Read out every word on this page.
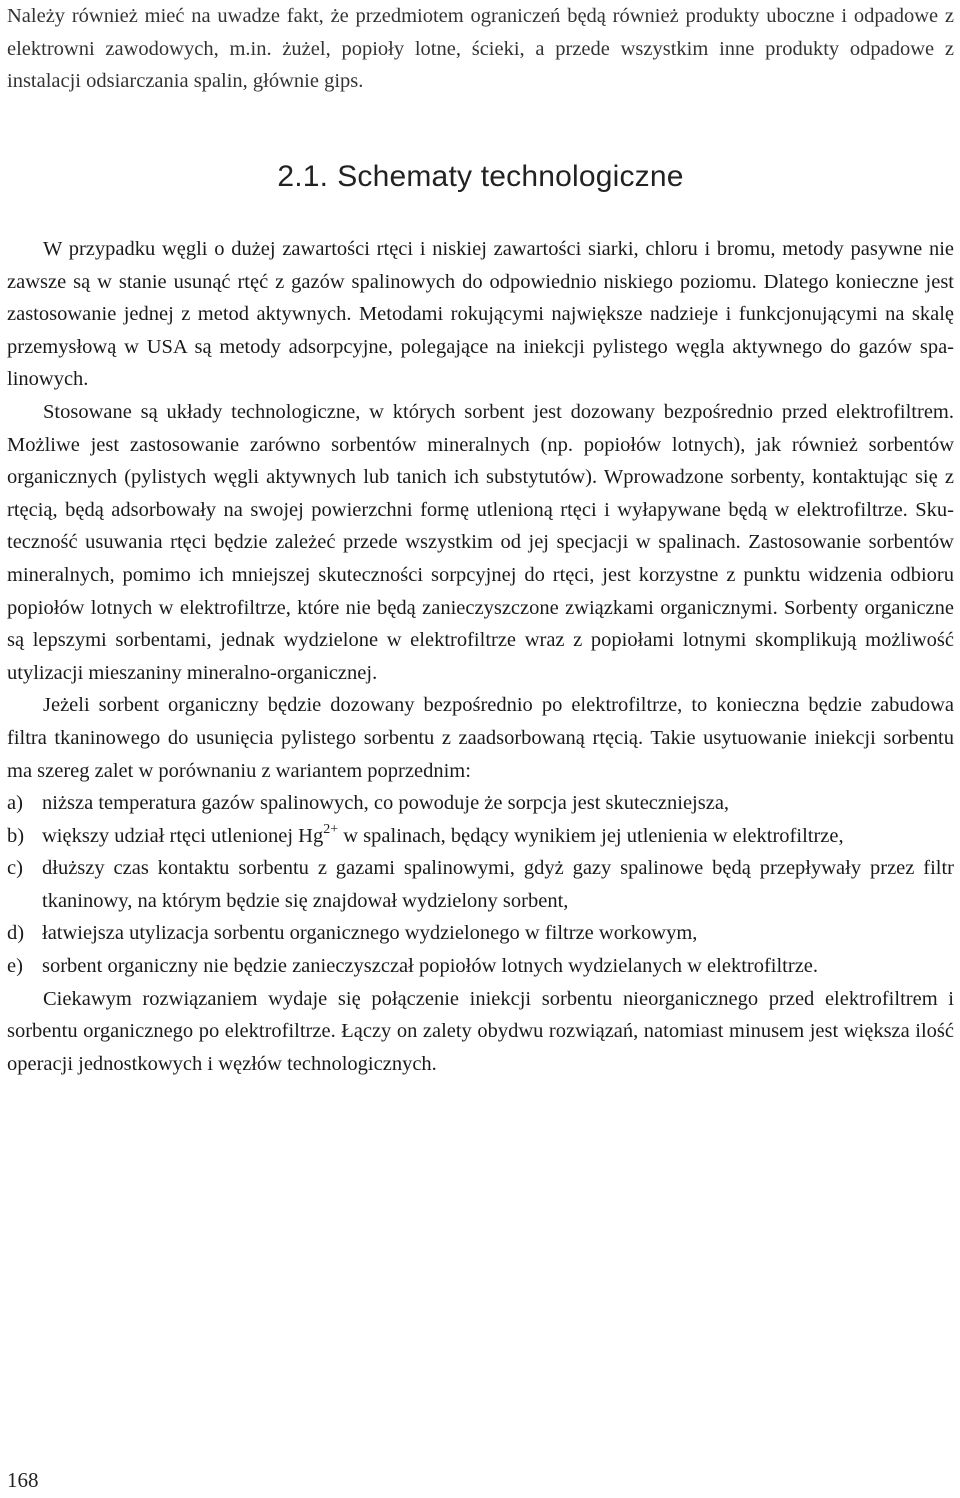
Należy również mieć na uwadze fakt, że przedmiotem ograniczeń będą również produkty uboczne i odpadowe z elektrowni zawodowych, m.in. żużel, popioły lotne, ścieki, a przede wszystkim inne produkty odpadowe z instalacji odsiarczania spalin, głównie gips.

2.1. Schematy technologiczne

W przypadku węgli o dużej zawartości rtęci i niskiej zawartości siarki, chloru i bromu, metody pasywne nie zawsze są w stanie usunąć rtęć z gazów spalinowych do odpowiednio niskiego poziomu. Dlatego konieczne jest zastosowanie jednej z metod aktywnych. Metodami rokującymi największe nadzieje i funkcjonującymi na skalę przemysłową w USA są metody adsorpcyjne, polegające na iniekcji pylistego węgla aktywnego do gazów spalinowych.

Stosowane są układy technologiczne, w których sorbent jest dozowany bezpośrednio przed elektrofiltrem. Możliwe jest zastosowanie zarówno sorbentów mineralnych (np. popiołów lotnych), jak również sorbentów organicznych (pylistych węgli aktywnych lub tanich ich substytutów). Wprowadzone sorbenty, kontaktując się z rtęcią, będą adsorbowały na swojej powierzchni formę utlenioną rtęci i wyłapywane będą w elektrofiltrze. Skuteczność usuwania rtęci będzie zależeć przede wszystkim od jej specjacji w spalinach. Zastosowanie sorbentów mineralnych, pomimo ich mniejszej skuteczności sorpcyjnej do rtęci, jest korzystne z punktu widzenia odbioru popiołów lotnych w elektrofiltrze, które nie będą zanieczyszczone związkami organicznymi. Sorbenty organiczne są lepszymi sorbentami, jednak wydzielone w elektrofiltrze wraz z popiołami lotnymi skomplikują możliwość utylizacji mieszaniny mineralno-organicznej.

Jeżeli sorbent organiczny będzie dozowany bezpośrednio po elektrofiltrze, to konieczna będzie zabudowa filtra tkaninowego do usunięcia pylistego sorbentu z zaadsorbowaną rtęcią. Takie usytuowanie iniekcji sorbentu ma szereg zalet w porównaniu z wariantem poprzednim:

a) niższa temperatura gazów spalinowych, co powoduje że sorpcja jest skuteczniejsza,
b) większy udział rtęci utlenionej $Hg^{2+}$ w spalinach, będący wynikiem jej utlenienia w elektrofiltrze,
c) dłuższy czas kontaktu sorbentu z gazami spalinowymi, gdyż gazy spalinowe będą przepływały przez filtr tkaninowy, na którym będzie się znajdował wydzielony sorbent,
d) łatwiejsza utylizacja sorbentu organicznego wydzielonego w filtrze workowym,
e) sorbent organiczny nie będzie zanieczyszczał popiołów lotnych wydzielanych w elektrofiltrze.

Ciekawym rozwiązaniem wydaje się połączenie iniekcji sorbentu nieorganicznego przed elektrofiltrem i sorbentu organicznego po elektrofiltrze. Łączy on zalety obydwu rozwiązań, natomiast minusem jest większa ilość operacji jednostkowych i węzłów technologicznych.

168
